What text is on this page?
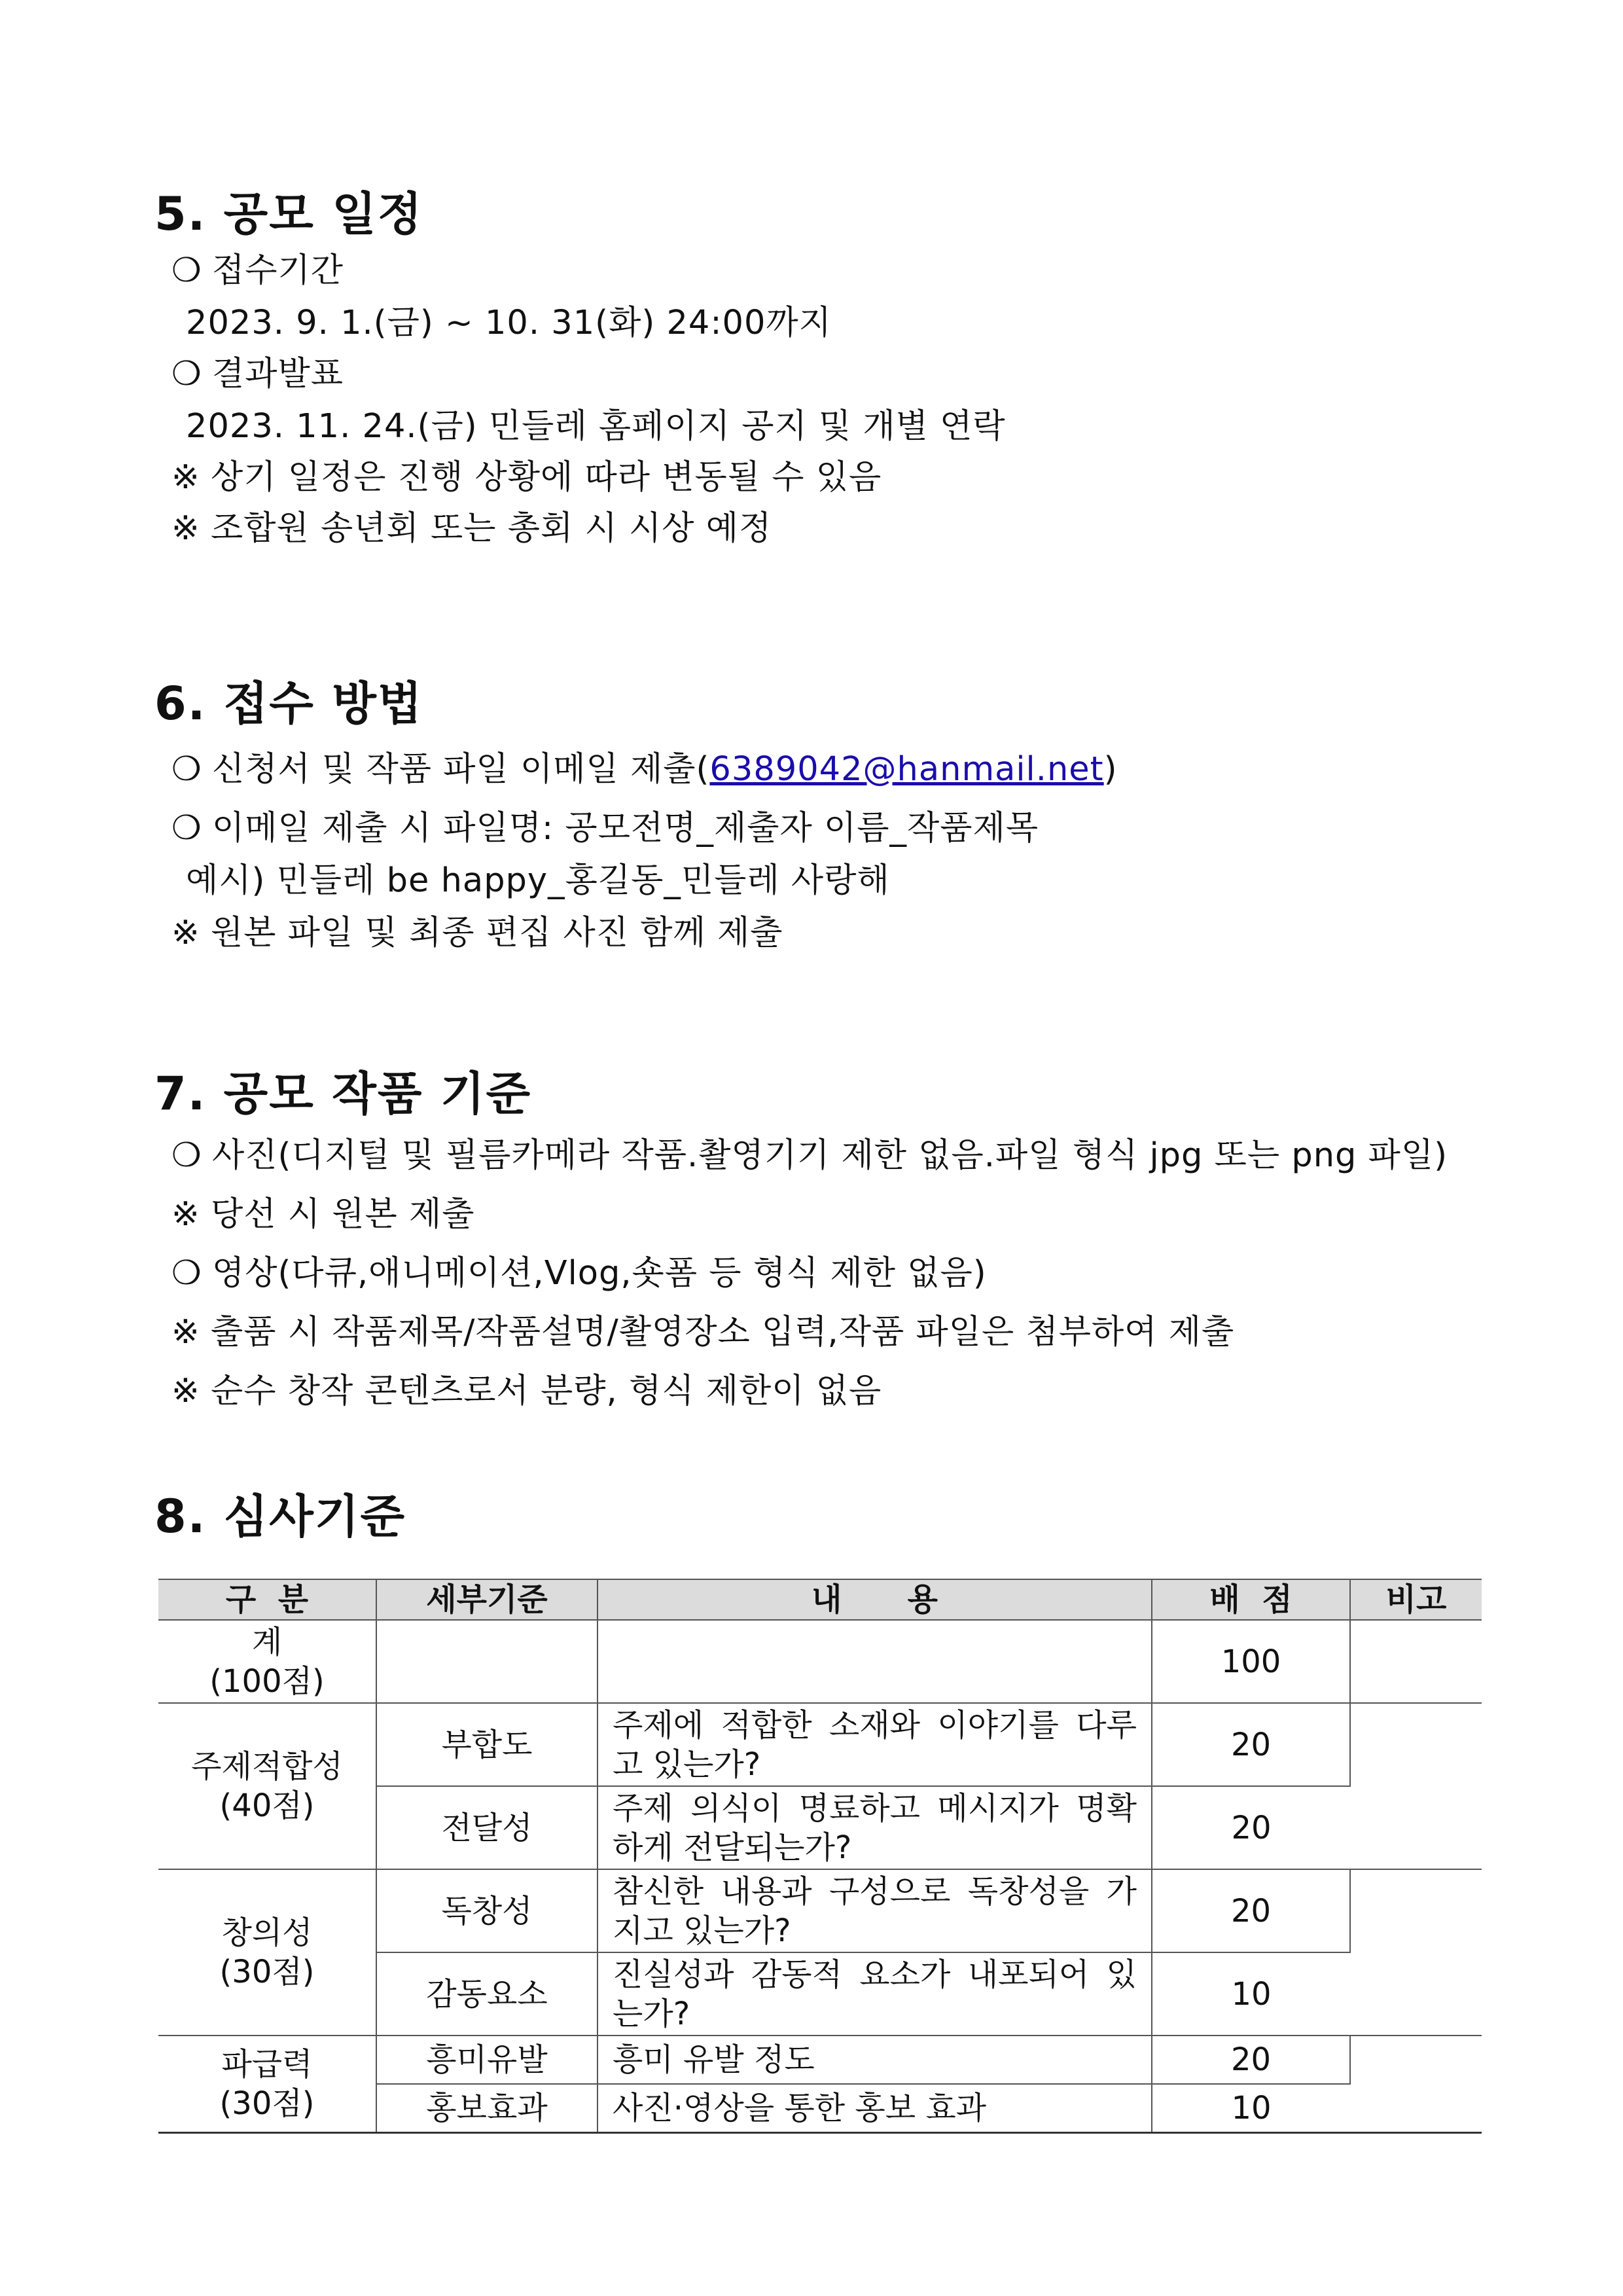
5. 공모 일정
❍ 접수기간
2023. 9. 1.(금) ~ 10. 31(화) 24:00까지
❍ 결과발표
2023. 11. 24.(금) 민들레 홈페이지 공지 및 개별 연락
※ 상기 일정은 진행 상황에 따라 변동될 수 있음
※ 조합원 송년회 또는 총회 시 시상 예정
6. 접수 방법
❍ 신청서 및 작품 파일 이메일 제출(6389042@hanmail.net)
❍ 이메일 제출 시 파일명: 공모전명_제출자 이름_작품제목
예시) 민들레 be happy_홍길동_민들레 사랑해
※ 원본 파일 및 최종 편집 사진 함께 제출
7. 공모 작품 기준
❍ 사진(디지털 및 필름카메라 작품.촬영기기 제한 없음.파일 형식 jpg 또는 png 파일)
※ 당선 시 원본 제출
❍ 영상(다큐,애니메이션,Vlog,숏폼 등 형식 제한 없음)
※ 출품 시 작품제목/작품설명/촬영장소 입력,작품 파일은 첨부하여 제출
※ 순수 창작 콘텐츠로서 분량, 형식 제한이 없음
8. 심사기준
구  분	세부기준	내      용	배  점	비고

계
(100점)			100	

주제적합성
(40점)	부합도	주제에 적합한 소재와 이야기를 다루고 있는가?	20	
	전달성	주제 의식이 명료하고 메시지가 명확하게 전달되는가?	20	

창의성
(30점)	독창성	참신한 내용과 구성으로 독창성을 가지고 있는가?	20	
	감동요소	진실성과 감동적 요소가 내포되어 있는가?	10	

파급력
(30점)	흥미유발	흥미 유발 정도	20	
	홍보효과	사진·영상을 통한 홍보 효과	10	
